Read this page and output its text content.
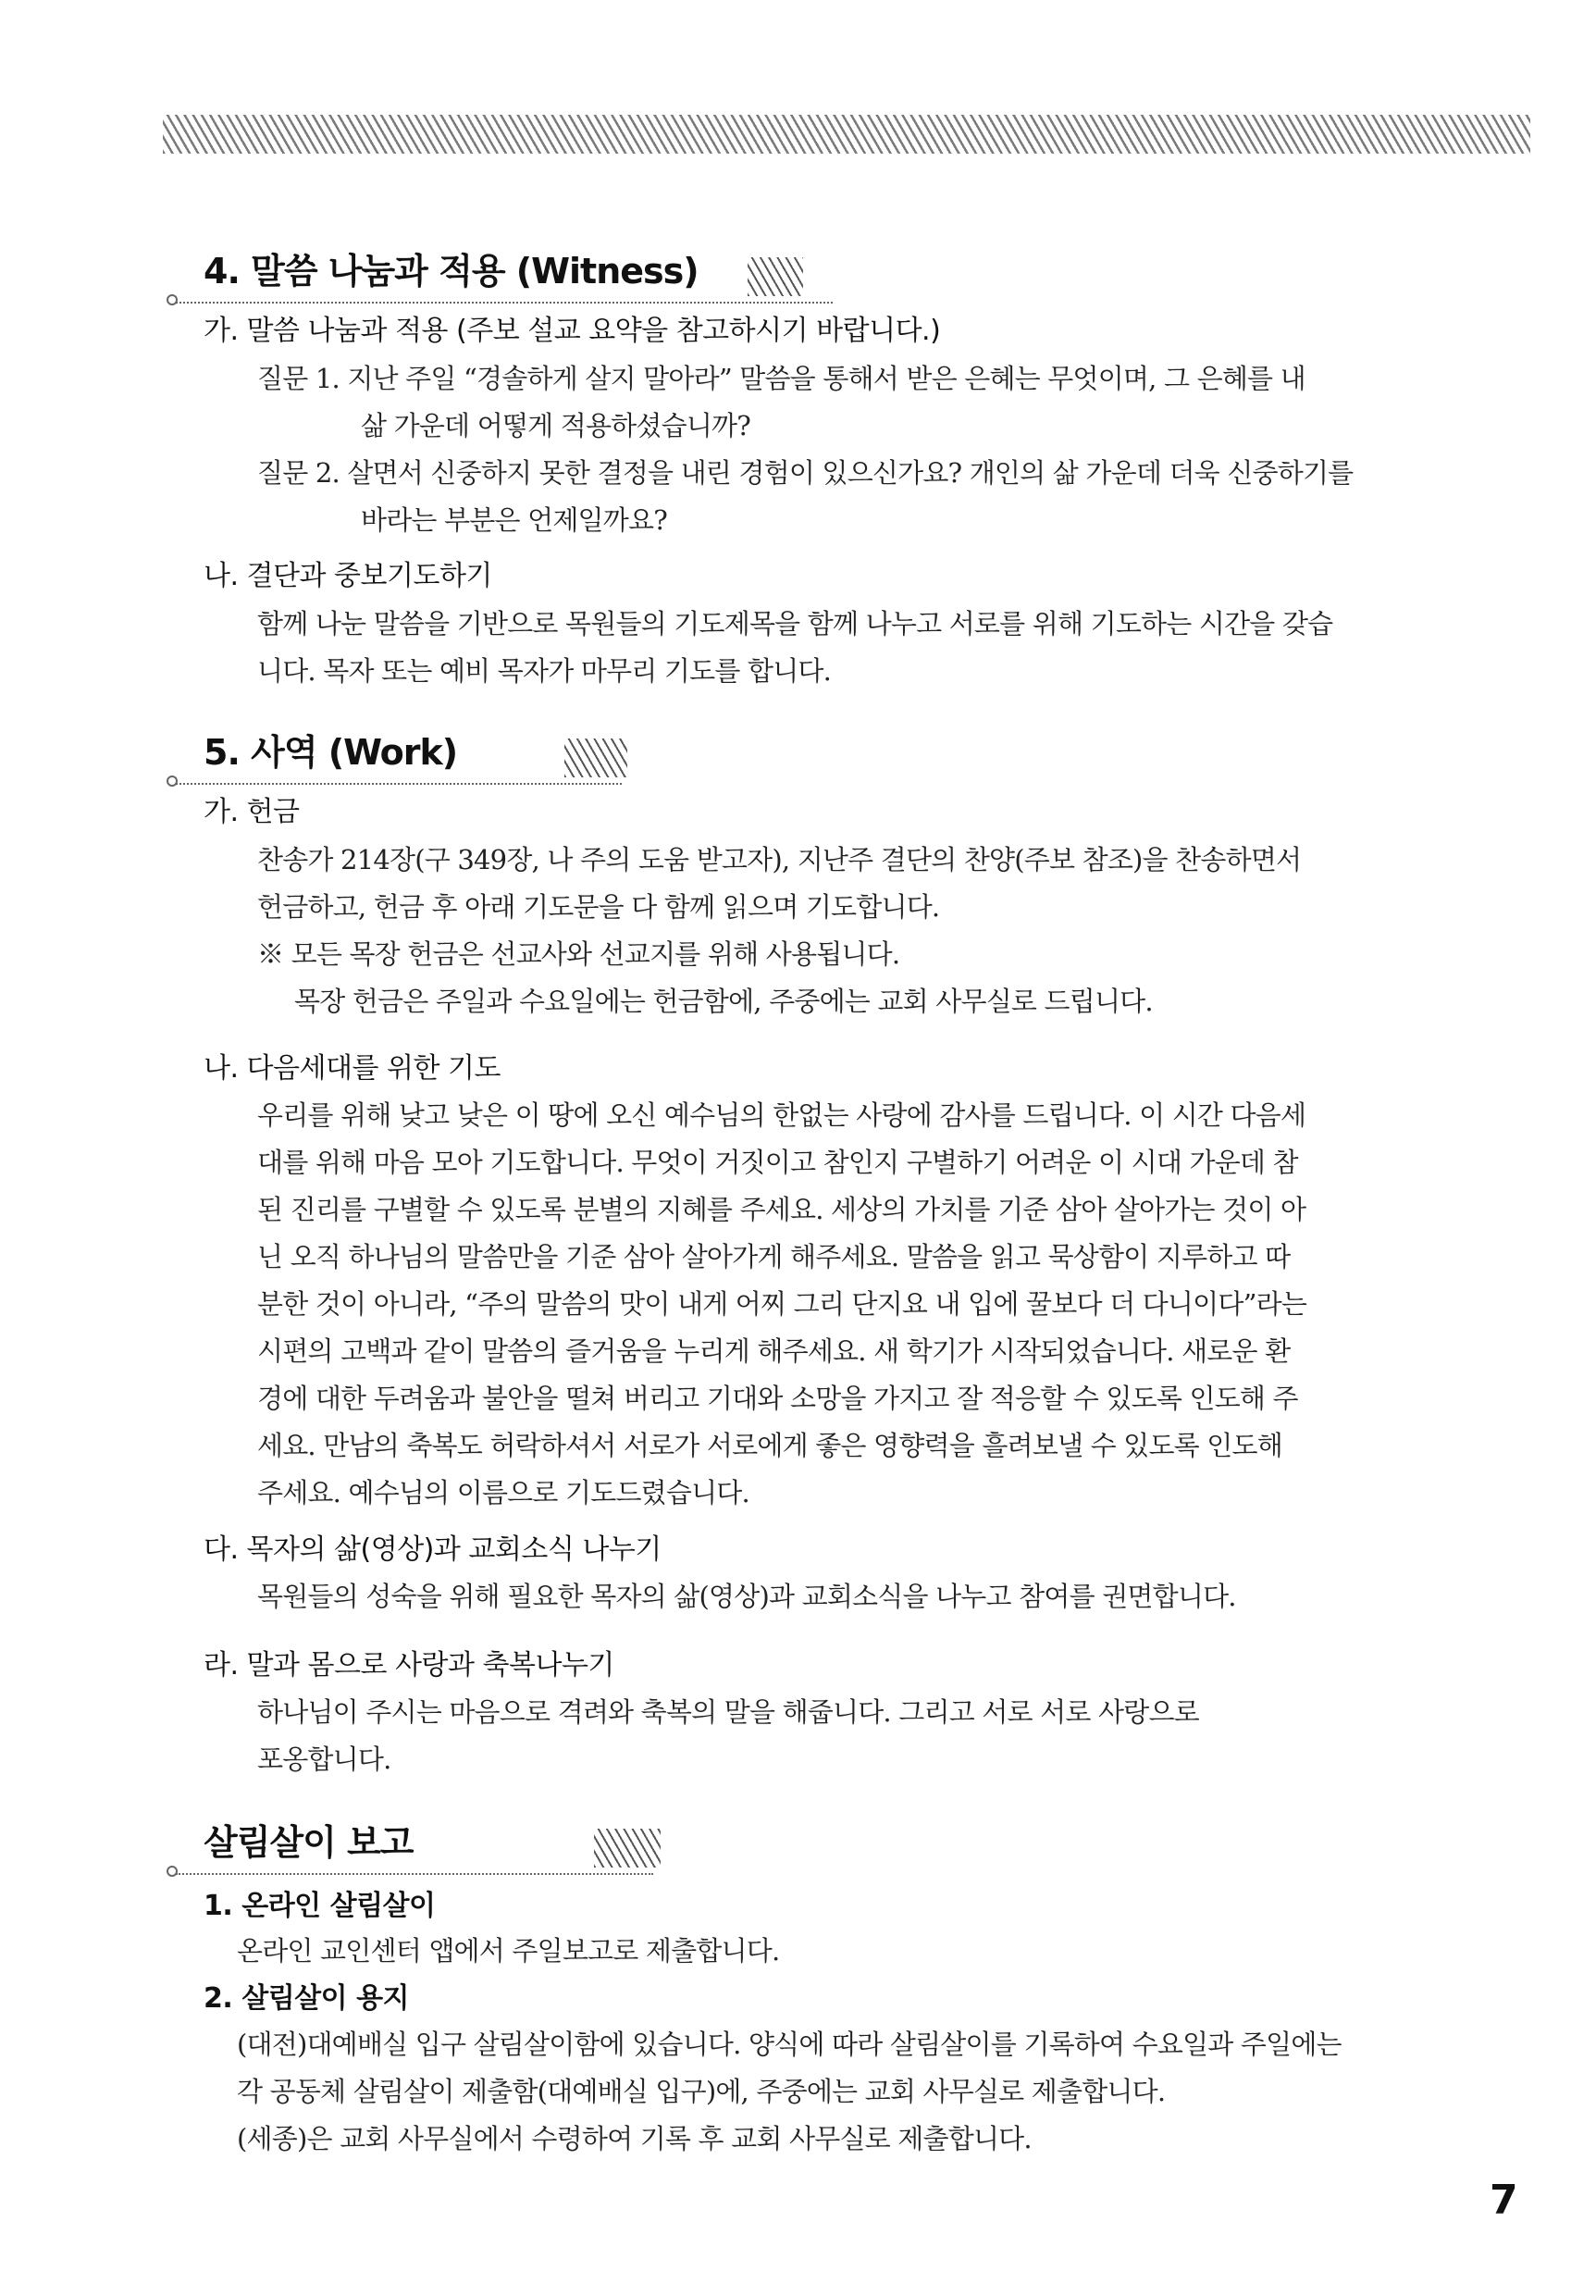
4. 말씀 나눔과 적용 (Witness)
가. 말씀 나눔과 적용 (주보 설교 요약을 참고하시기 바랍니다.)
질문 1. 지난 주일 “경솔하게 살지 말아라” 말씀을 통해서 받은 은혜는 무엇이며, 그 은혜를 내
삶 가운데 어떻게 적용하셨습니까?
질문 2. 살면서 신중하지 못한 결정을 내린 경험이 있으신가요? 개인의 삶 가운데 더욱 신중하기를
바라는 부분은 언제일까요?
나. 결단과 중보기도하기
함께 나눈 말씀을 기반으로 목원들의 기도제목을 함께 나누고 서로를 위해 기도하는 시간을 갖습
니다. 목자 또는 예비 목자가 마무리 기도를 합니다.
5. 사역 (Work)
가. 헌금
찬송가 214장(구 349장, 나 주의 도움 받고자), 지난주 결단의 찬양(주보 참조)을 찬송하면서
헌금하고, 헌금 후 아래 기도문을 다 함께 읽으며 기도합니다.
※ 모든 목장 헌금은 선교사와 선교지를 위해 사용됩니다.
목장 헌금은 주일과 수요일에는 헌금함에, 주중에는 교회 사무실로 드립니다.
나. 다음세대를 위한 기도
우리를 위해 낮고 낮은 이 땅에 오신 예수님의 한없는 사랑에 감사를 드립니다. 이 시간 다음세
대를 위해 마음 모아 기도합니다. 무엇이 거짓이고 참인지 구별하기 어려운 이 시대 가운데 참
된 진리를 구별할 수 있도록 분별의 지혜를 주세요. 세상의 가치를 기준 삼아 살아가는 것이 아
닌 오직 하나님의 말씀만을 기준 삼아 살아가게 해주세요. 말씀을 읽고 묵상함이 지루하고 따
분한 것이 아니라, “주의 말씀의 맛이 내게 어찌 그리 단지요 내 입에 꿀보다 더 다니이다”라는
시편의 고백과 같이 말씀의 즐거움을 누리게 해주세요. 새 학기가 시작되었습니다. 새로운 환
경에 대한 두려움과 불안을 떨쳐 버리고 기대와 소망을 가지고 잘 적응할 수 있도록 인도해 주
세요. 만남의 축복도 허락하셔서 서로가 서로에게 좋은 영향력을 흘려보낼 수 있도록 인도해
주세요. 예수님의 이름으로 기도드렸습니다.
다. 목자의 삶(영상)과 교회소식 나누기
목원들의 성숙을 위해 필요한 목자의 삶(영상)과 교회소식을 나누고 참여를 권면합니다.
라. 말과 몸으로 사랑과 축복나누기
하나님이 주시는 마음으로 격려와 축복의 말을 해줍니다. 그리고 서로 서로 사랑으로
포옹합니다.
살림살이 보고
1. 온라인 살림살이
온라인 교인센터 앱에서 주일보고로 제출합니다.
2. 살림살이 용지
(대전)대예배실 입구 살림살이함에 있습니다. 양식에 따라 살림살이를 기록하여 수요일과 주일에는
각 공동체 살림살이 제출함(대예배실 입구)에, 주중에는 교회 사무실로 제출합니다.
(세종)은 교회 사무실에서 수령하여 기록 후 교회 사무실로 제출합니다.
7
